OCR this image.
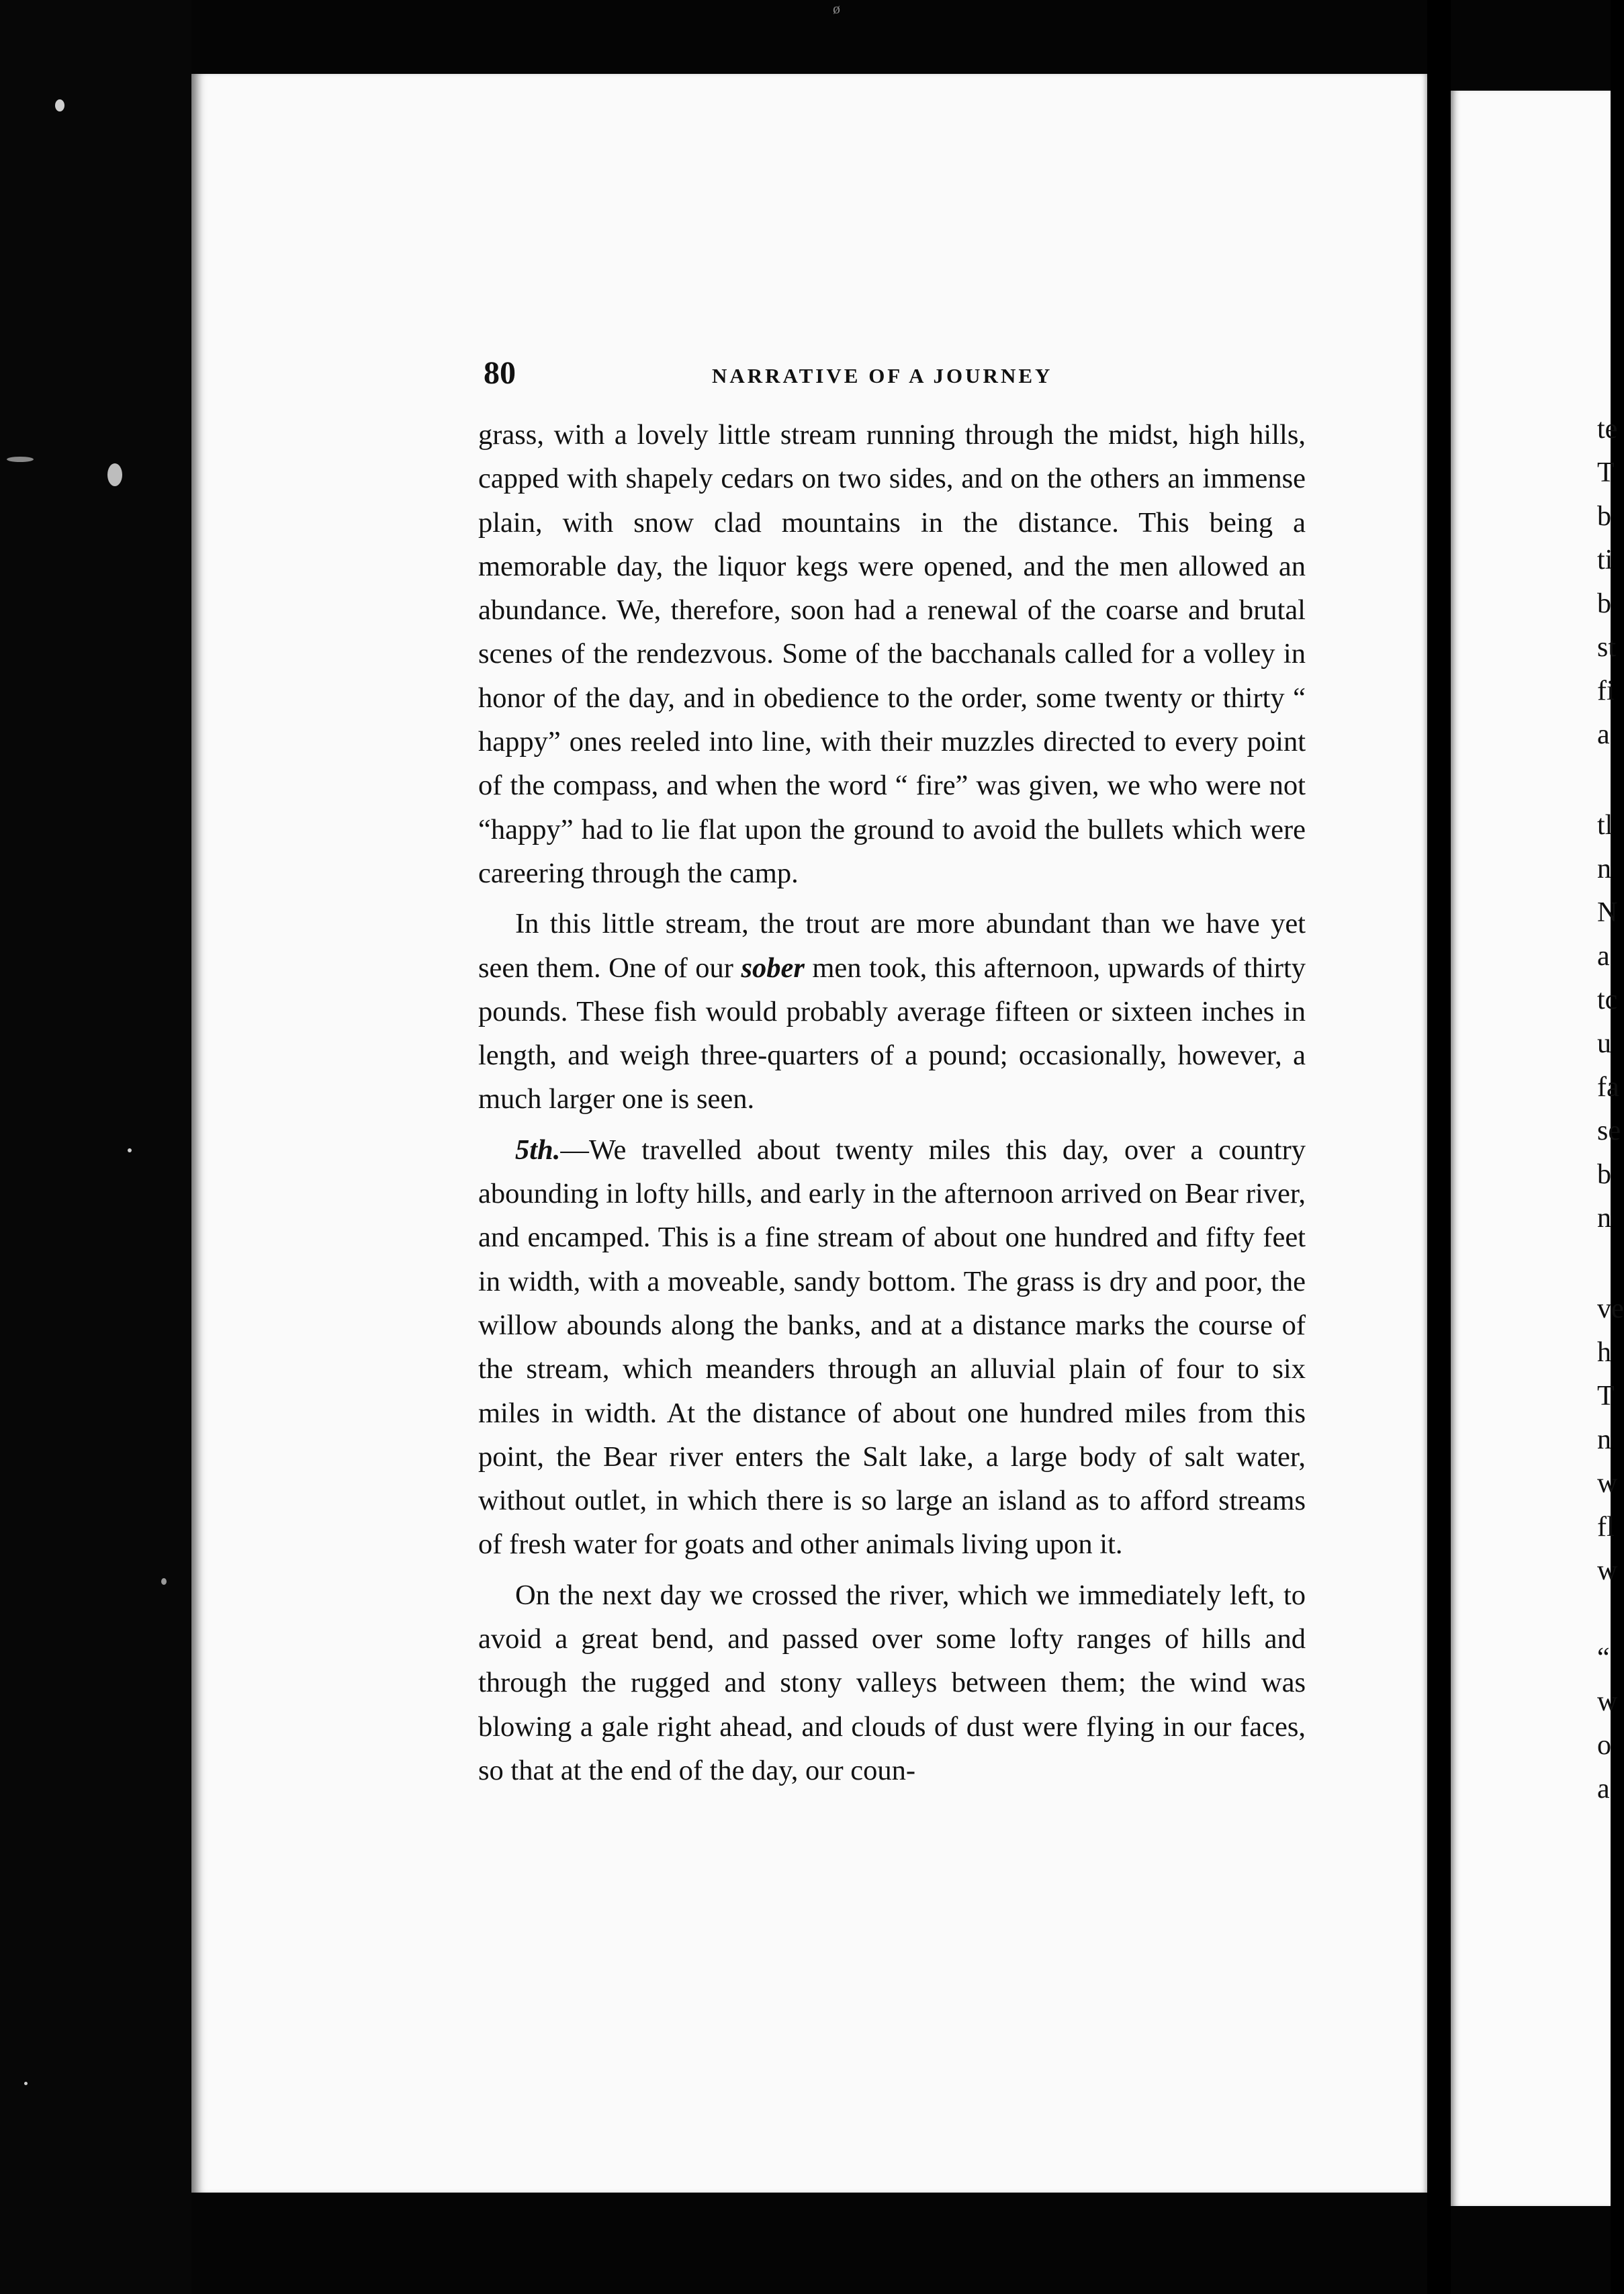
ø
80	NARRATIVE OF A JOURNEY

grass, with a lovely little stream running through the midst, high hills, capped with shapely cedars on two sides, and on the others an immense plain, with snow clad mountains in the distance. This being a memorable day, the liquor kegs were opened, and the men allowed an abundance. We, therefore, soon had a renewal of the coarse and brutal scenes of the rendezvous. Some of the bacchanals called for a volley in honor of the day, and in obedience to the order, some twenty or thirty “ happy” ones reeled into line, with their muzzles directed to every point of the compass, and when the word “ fire” was given, we who were not “happy” had to lie flat upon the ground to avoid the bullets which were careering through the camp.

In this little stream, the trout are more abundant than we have yet seen them. One of our sober men took, this afternoon, upwards of thirty pounds. These fish would probably average fifteen or sixteen inches in length, and weigh three-quarters of a pound; occasionally, however, a much larger one is seen.

5th.—We travelled about twenty miles this day, over a country abounding in lofty hills, and early in the afternoon arrived on Bear river, and encamped. This is a fine stream of about one hundred and fifty feet in width, with a moveable, sandy bottom. The grass is dry and poor, the willow abounds along the banks, and at a distance marks the course of the stream, which meanders through an alluvial plain of four to six miles in width. At the distance of about one hundred miles from this point, the Bear river enters the Salt lake, a large body of salt water, without outlet, in which there is so large an island as to afford streams of fresh water for goats and other animals living upon it.

On the next day we crossed the river, which we immediately left, to avoid a great bend, and passed over some lofty ranges of hills and through the rugged and stony valleys between them; the wind was blowing a gale right ahead, and clouds of dust were flying in our faces, so that at the end of the day, our coun-

te
T
b
ti
b
st
fi
a
tl
n
N
a
tc
u
fa
se
b
n
ve
h
T
n
w
fl
w
“
w
o
a
